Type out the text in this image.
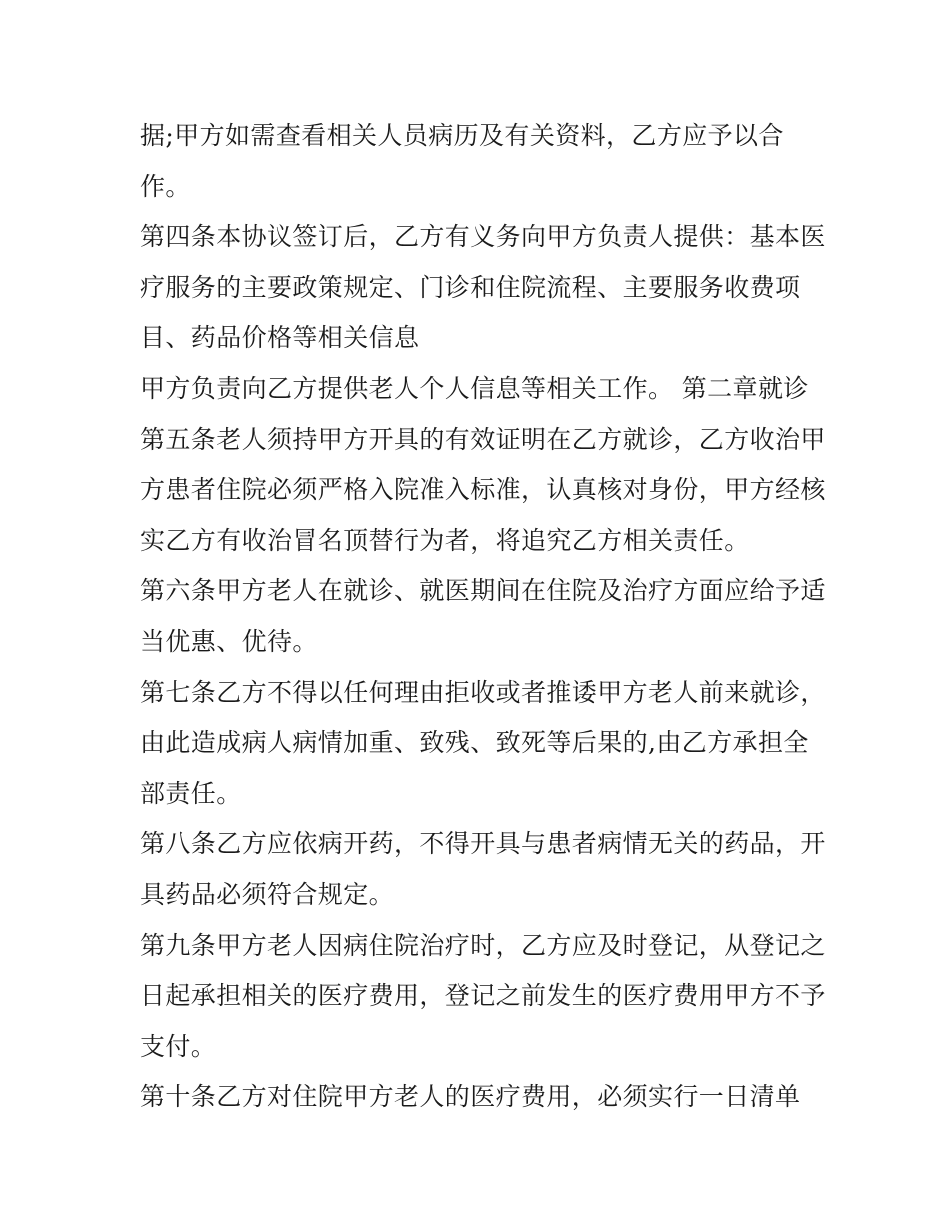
据;甲方如需查看相关人员病历及有关资料，乙方应予以合
作。
第四条本协议签订后，乙方有义务向甲方负责人提供：基本医
疗服务的主要政策规定、门诊和住院流程、主要服务收费项
目、药品价格等相关信息
甲方负责向乙方提供老人个人信息等相关工作。 第二章就诊
第五条老人须持甲方开具的有效证明在乙方就诊，乙方收治甲
方患者住院必须严格入院准入标准，认真核对身份，甲方经核
实乙方有收治冒名顶替行为者，将追究乙方相关责任。
第六条甲方老人在就诊、就医期间在住院及治疗方面应给予适
当优惠、优待。
第七条乙方不得以任何理由拒收或者推诿甲方老人前来就诊，
由此造成病人病情加重、致残、致死等后果的,由乙方承担全
部责任。
第八条乙方应依病开药，不得开具与患者病情无关的药品，开
具药品必须符合规定。
第九条甲方老人因病住院治疗时，乙方应及时登记，从登记之
日起承担相关的医疗费用，登记之前发生的医疗费用甲方不予
支付。
第十条乙方对住院甲方老人的医疗费用，必须实行一日清单
